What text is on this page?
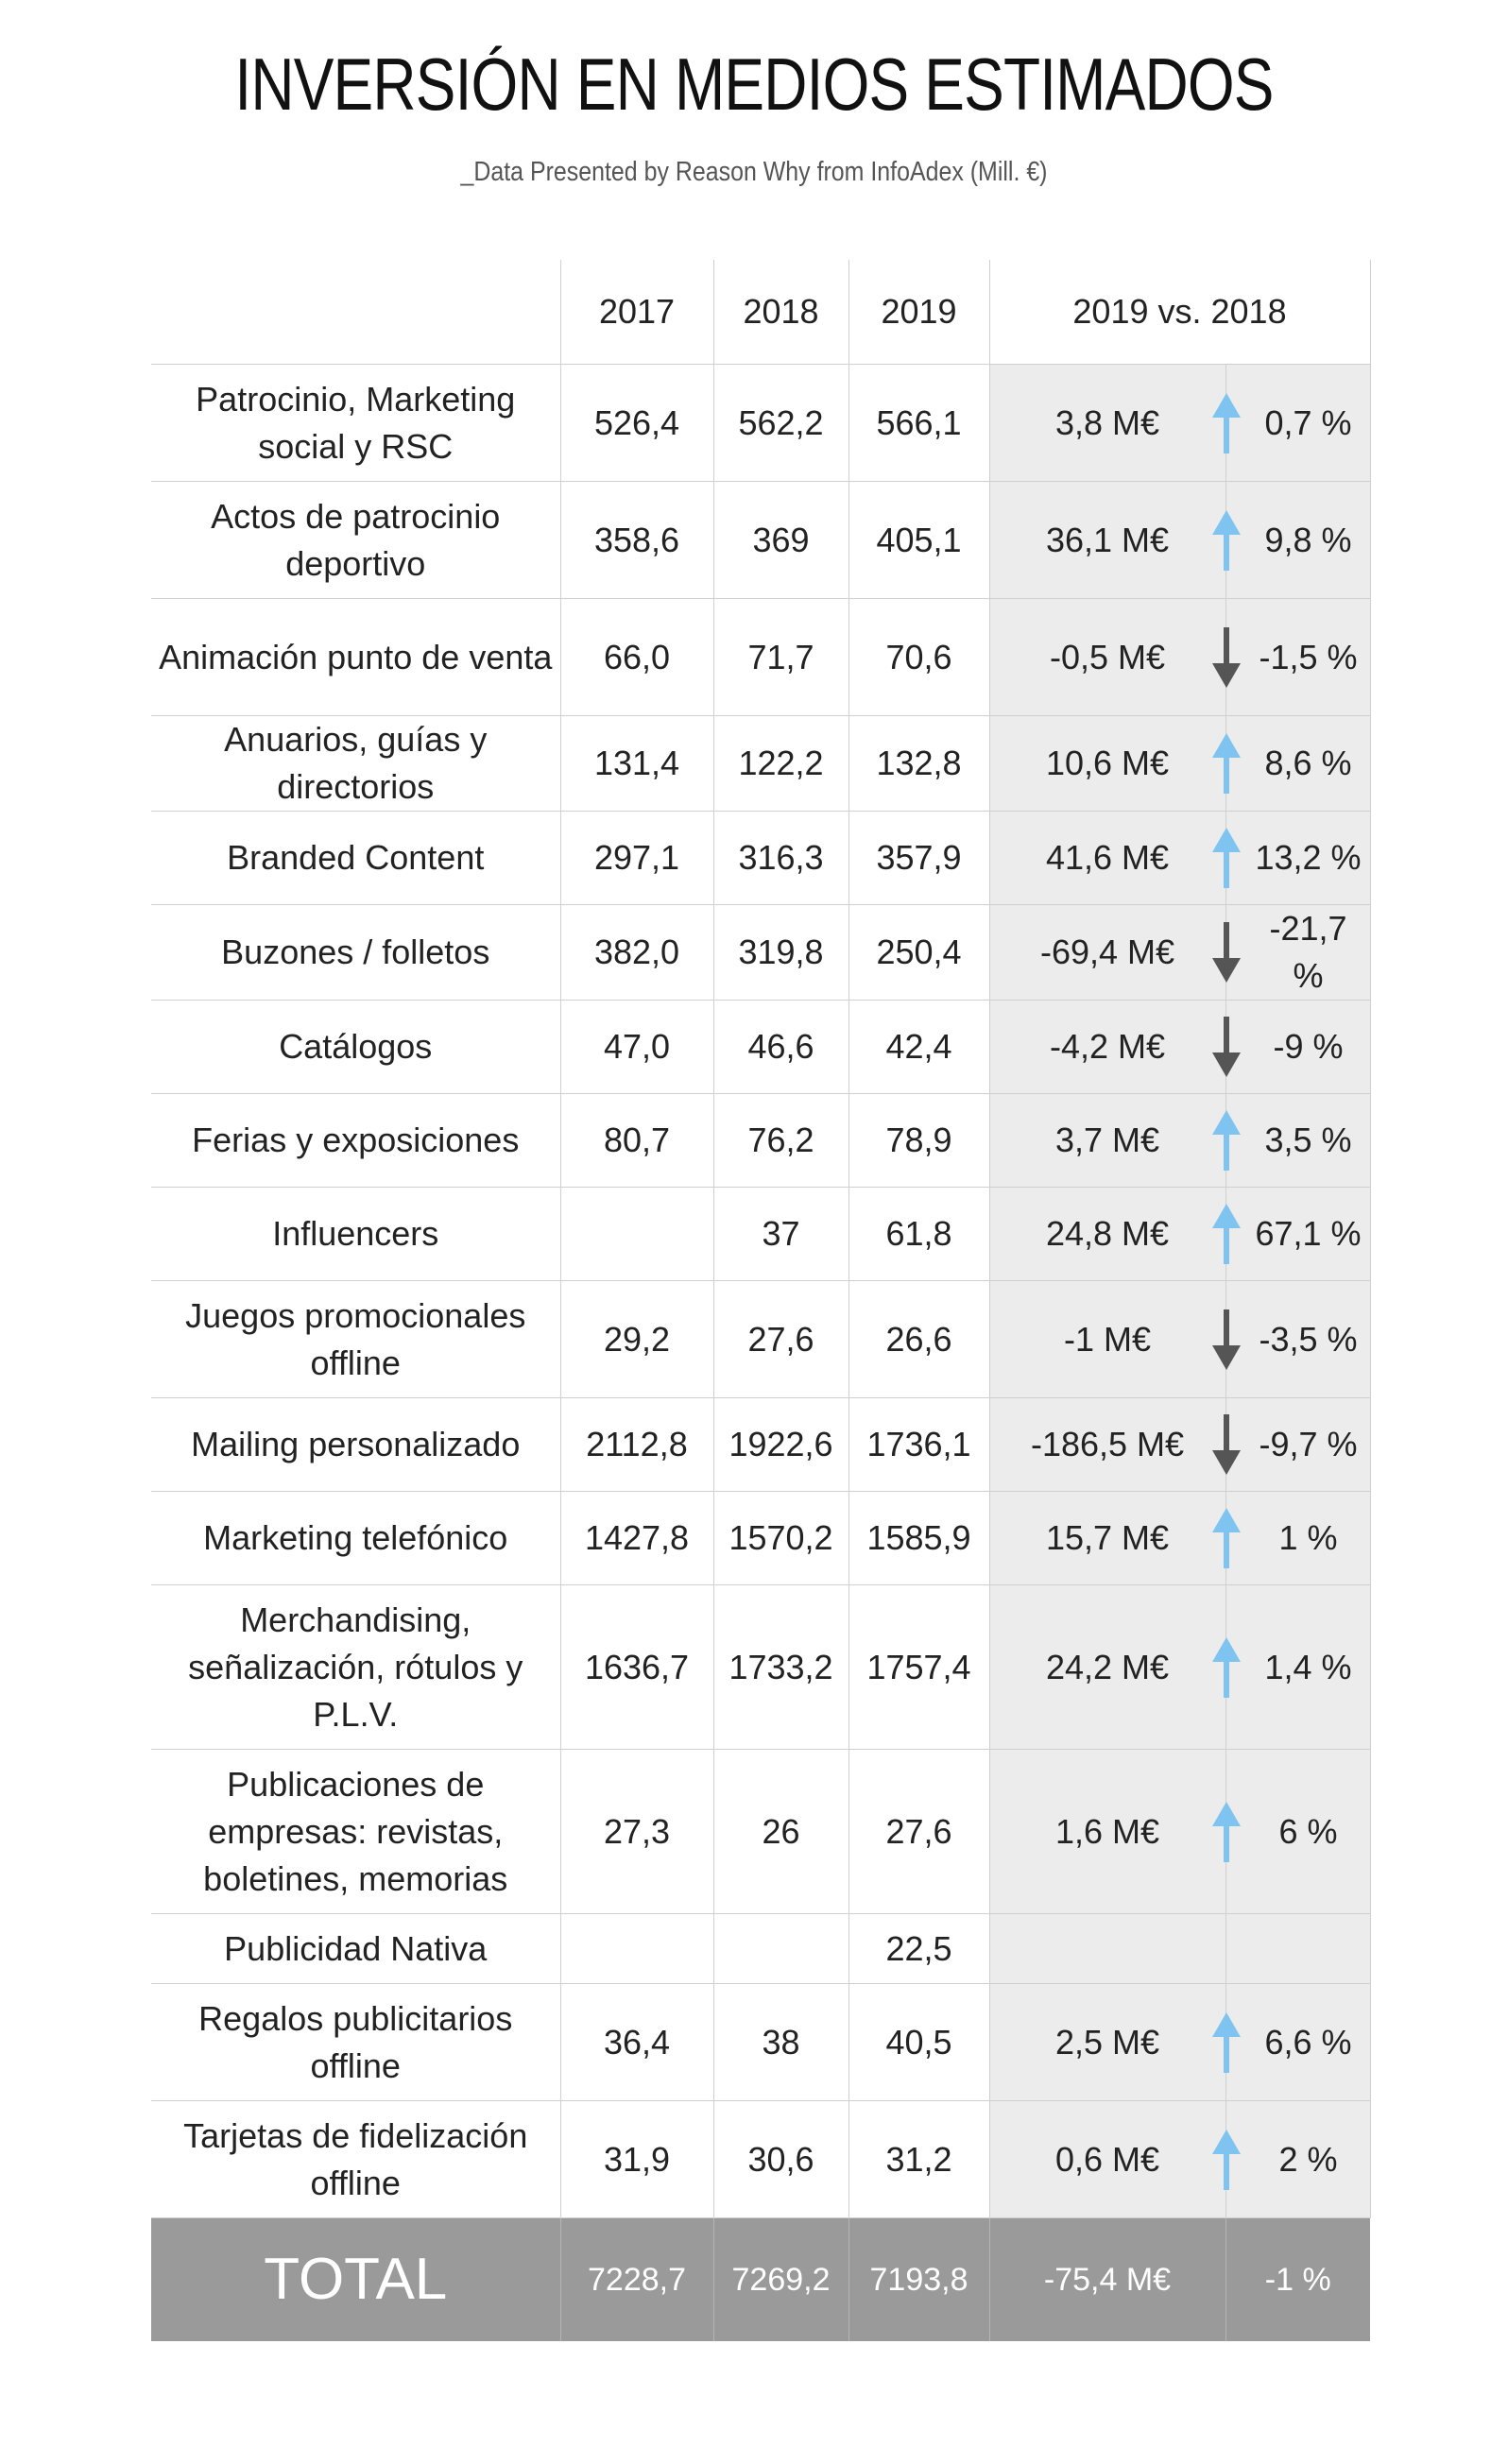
INVERSIÓN EN MEDIOS ESTIMADOS
_Data Presented by Reason Why from InfoAdex (Mill. €)
	2017	2018	2019	2019 vs. 2018	
Patrocinio, Marketing social y RSC	526,4	562,2	566,1	3,8 M€	0,7 %
Actos de patrocinio deportivo	358,6	369	405,1	36,1 M€	9,8 %
Animación punto de venta	66,0	71,7	70,6	-0,5 M€	-1,5 %
Anuarios, guías y directorios	131,4	122,2	132,8	10,6 M€	8,6 %
Branded Content	297,1	316,3	357,9	41,6 M€	13,2 %
Buzones / folletos	382,0	319,8	250,4	-69,4 M€	-21,7 %
Catálogos	47,0	46,6	42,4	-4,2 M€	-9 %
Ferias y exposiciones	80,7	76,2	78,9	3,7 M€	3,5 %
Influencers		37	61,8	24,8 M€	67,1 %
Juegos promocionales offline	29,2	27,6	26,6	-1 M€	-3,5 %
Mailing personalizado	2112,8	1922,6	1736,1	-186,5 M€	-9,7 %
Marketing telefónico	1427,8	1570,2	1585,9	15,7 M€	1 %
Merchandising, señalización, rótulos y P.L.V.	1636,7	1733,2	1757,4	24,2 M€	1,4 %
Publicaciones de empresas: revistas, boletines, memorias	27,3	26	27,6	1,6 M€	6 %
Publicidad Nativa			22,5		
Regalos publicitarios offline	36,4	38	40,5	2,5 M€	6,6 %
Tarjetas de fidelización offline	31,9	30,6	31,2	0,6 M€	2 %
TOTAL	7228,7	7269,2	7193,8	-75,4 M€	-1 %
